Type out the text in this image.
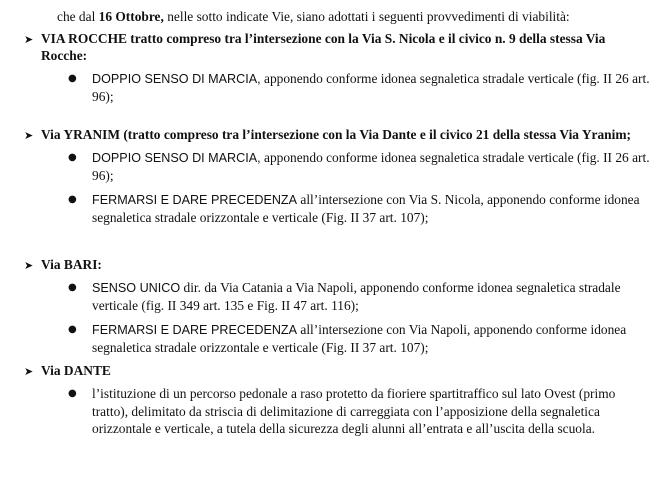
che dal 16 Ottobre, nelle sotto indicate Vie, siano adottati i seguenti provvedimenti di viabilità:
➤ VIA ROCCHE tratto compreso tra l’intersezione con la Via S. Nicola e il civico n. 9 della stessa Via Rocche:
● DOPPIO SENSO DI MARCIA, apponendo conforme idonea segnaletica stradale verticale (fig. II 26 art. 96);
➤ Via YRANIM (tratto compreso tra l’intersezione con la Via Dante e il civico 21 della stessa Via Yranim;
● DOPPIO SENSO DI MARCIA, apponendo conforme idonea segnaletica stradale verticale (fig. II 26 art. 96);
● FERMARSI E DARE PRECEDENZA all’intersezione con Via S. Nicola, apponendo conforme idonea segnaletica stradale orizzontale e verticale (Fig. II 37 art. 107);
➤ Via BARI:
● SENSO UNICO dir. da Via Catania a Via Napoli, apponendo conforme idonea segnaletica stradale verticale (fig. II 349 art. 135 e Fig. II 47 art. 116);
● FERMARSI E DARE PRECEDENZA all’intersezione con Via Napoli, apponendo conforme idonea segnaletica stradale orizzontale e verticale (Fig. II 37 art. 107);
➤ Via DANTE
● l’istituzione di un percorso pedonale a raso protetto da fioriere spartitraffico sul lato Ovest (primo tratto), delimitato da striscia di delimitazione di carreggiata con l’apposizione della segnaletica orizzontale e verticale, a tutela della sicurezza degli alunni all’entrata e all’uscita della scuola.
